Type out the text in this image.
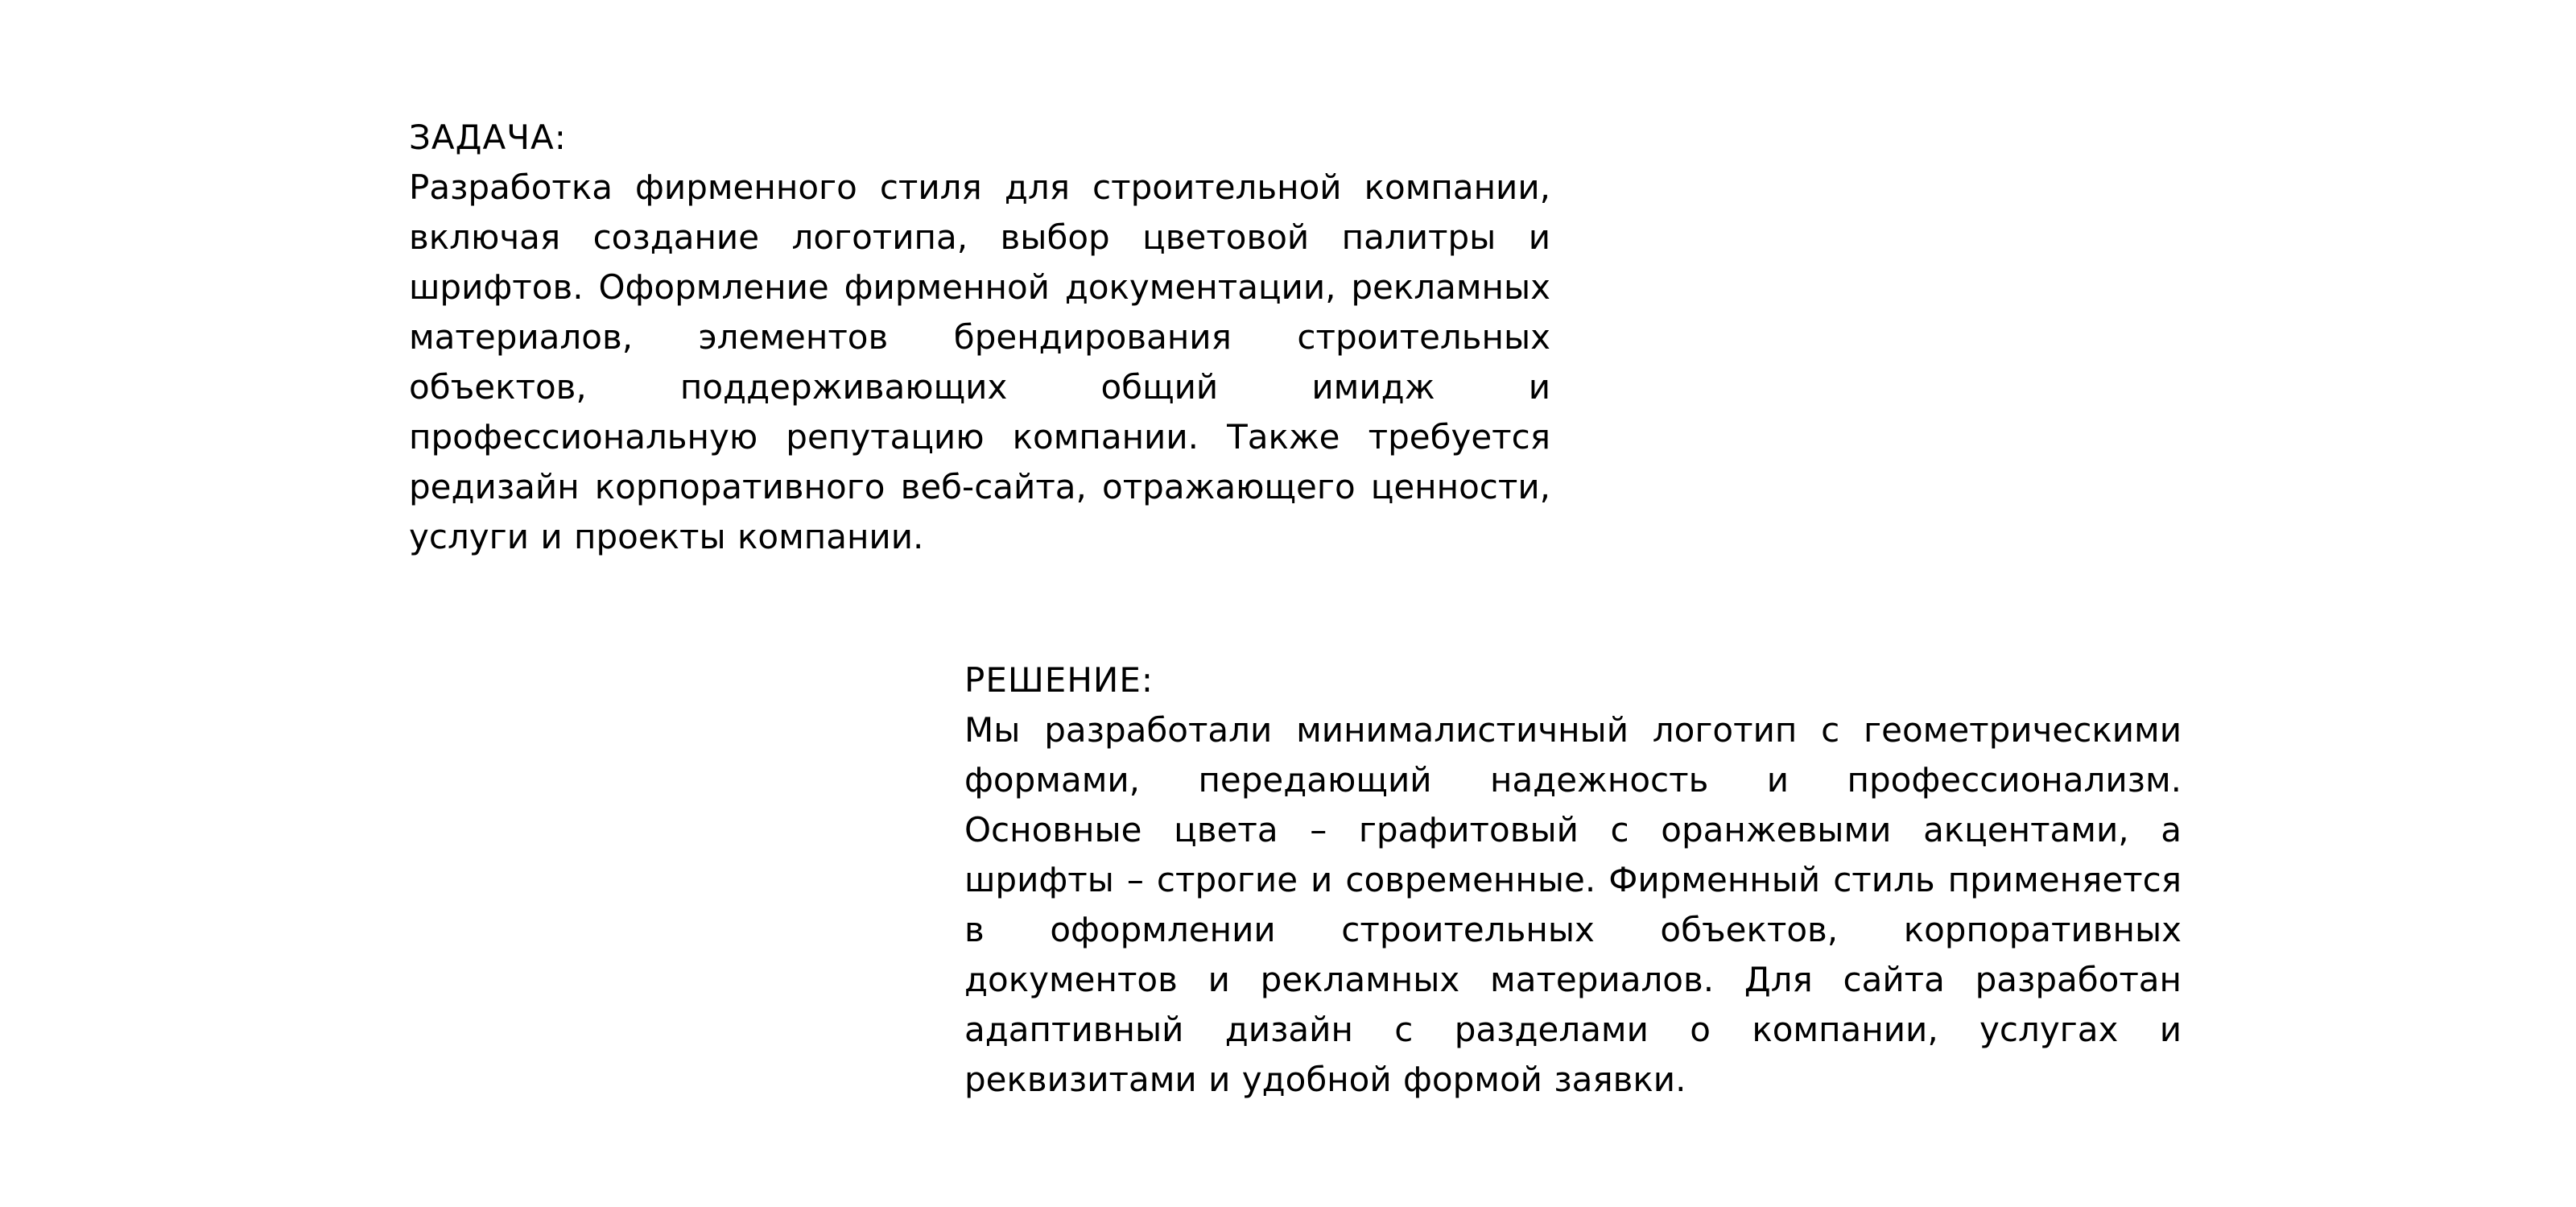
ЗАДАЧА:

Разработка фирменного стиля для строительной компании, включая создание логотипа, выбор цветовой палитры и шрифтов. Оформление фирменной документации, рекламных материалов, элементов брендирования строительных объектов, поддерживающих общий имидж и профессиональную репутацию компании. Также требуется редизайн корпоративного веб-сайта, отражающего ценности, услуги и проекты компании.

РЕШЕНИЕ:

Мы разработали минималистичный логотип с геометрическими формами, передающий надежность и профессионализм. Основные цвета – графитовый с оранжевыми акцентами, а шрифты – строгие и современные. Фирменный стиль применяется в оформлении строительных объектов, корпоративных документов и рекламных материалов. Для сайта разработан адаптивный дизайн с разделами о компании, услугах и реквизитами и удобной формой заявки.
